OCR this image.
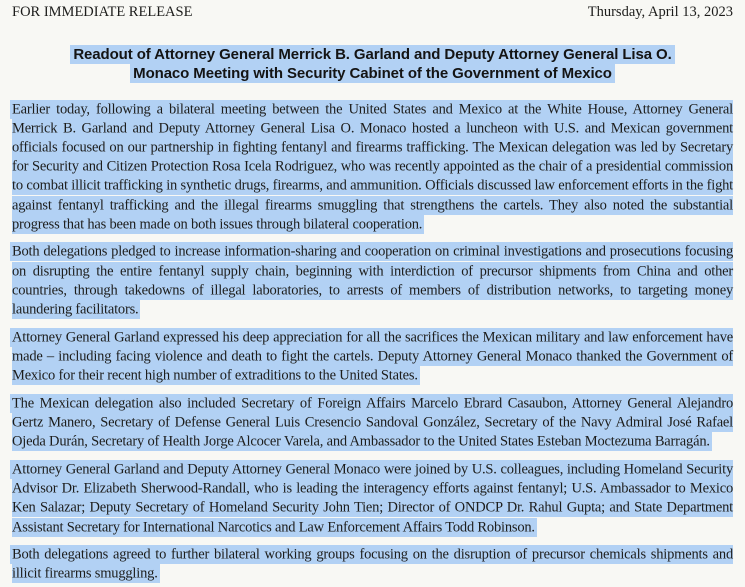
FOR IMMEDIATE RELEASE	Thursday, April 13, 2023
Readout of Attorney General Merrick B. Garland and Deputy Attorney General Lisa O.
Monaco Meeting with Security Cabinet of the Government of Mexico

Earlier today, following a bilateral meeting between the United States and Mexico at the White House, Attorney General Merrick B. Garland and Deputy Attorney General Lisa O. Monaco hosted a luncheon with U.S. and Mexican government officials focused on our partnership in fighting fentanyl and firearms trafficking. The Mexican delegation was led by Secretary for Security and Citizen Protection Rosa Icela Rodriguez, who was recently appointed as the chair of a presidential commission to combat illicit trafficking in synthetic drugs, firearms, and ammunition. Officials discussed law enforcement efforts in the fight against fentanyl trafficking and the illegal firearms smuggling that strengthens the cartels. They also noted the substantial progress that has been made on both issues through bilateral cooperation.

Both delegations pledged to increase information-sharing and cooperation on criminal investigations and prosecutions focusing on disrupting the entire fentanyl supply chain, beginning with interdiction of precursor shipments from China and other countries, through takedowns of illegal laboratories, to arrests of members of distribution networks, to targeting money laundering facilitators.

Attorney General Garland expressed his deep appreciation for all the sacrifices the Mexican military and law enforcement have made – including facing violence and death to fight the cartels. Deputy Attorney General Monaco thanked the Government of Mexico for their recent high number of extraditions to the United States.

The Mexican delegation also included Secretary of Foreign Affairs Marcelo Ebrard Casaubon, Attorney General Alejandro Gertz Manero, Secretary of Defense General Luis Cresencio Sandoval González, Secretary of the Navy Admiral José Rafael Ojeda Durán, Secretary of Health Jorge Alcocer Varela, and Ambassador to the United States Esteban Moctezuma Barragán.

Attorney General Garland and Deputy Attorney General Monaco were joined by U.S. colleagues, including Homeland Security Advisor Dr. Elizabeth Sherwood-Randall, who is leading the interagency efforts against fentanyl; U.S. Ambassador to Mexico Ken Salazar; Deputy Secretary of Homeland Security John Tien; Director of ONDCP Dr. Rahul Gupta; and State Department Assistant Secretary for International Narcotics and Law Enforcement Affairs Todd Robinson.

Both delegations agreed to further bilateral working groups focusing on the disruption of precursor chemicals shipments and illicit firearms smuggling.
